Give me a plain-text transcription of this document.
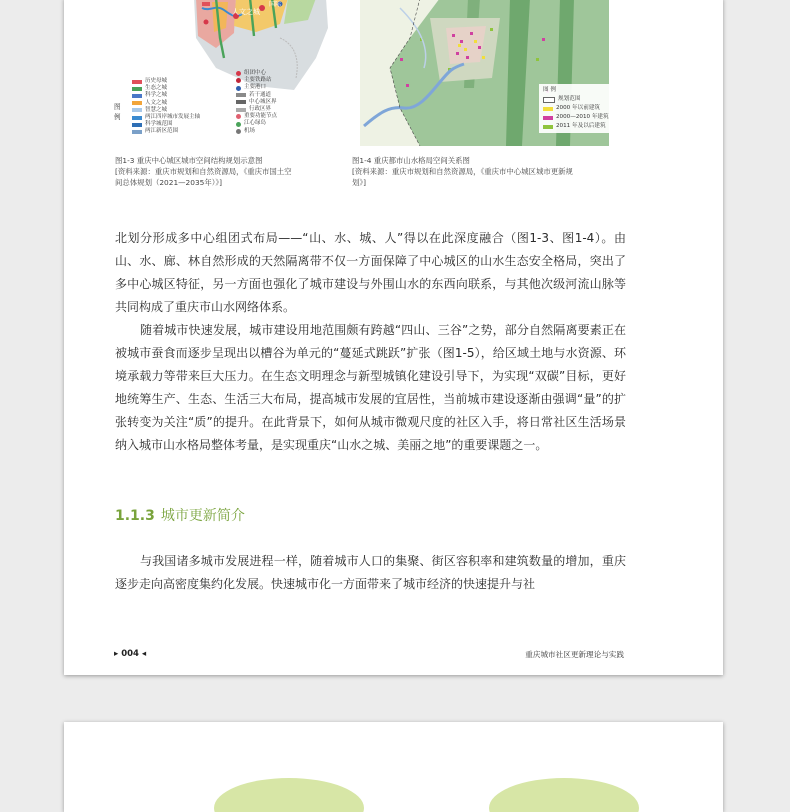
人文之城
国际
图例
历史母城
生态之城
科学之城
人文之城
智慧之城
两江四岸城市发展主轴
科学城范围
两江新区范围
组团中心
主要铁路站
主要港口
若干通道
中心城区界
行政区界
重要功能节点
江心绿岛
机场
图1-3 重庆中心城区城市空间结构规划示意图
[资料来源：重庆市规划和自然资源局，《重庆市国土空
间总体规划（2021—2035年）》]
图 例
规划范围
2000 年以前建筑
2000—2010 年建筑
2011 年及以后建筑
图1-4 重庆都市山水格局空间关系图
[资料来源：重庆市规划和自然资源局，《重庆市中心城区城市更新规
划》]

北划分形成多中心组团式布局——“山、水、城、人”得以在此深度融合（图1-3、图1-4）。由山、水、廊、林自然形成的天然隔离带不仅一方面保障了中心城区的山水生态安全格局，突出了多中心城区特征，另一方面也强化了城市建设与外围山水的东西向联系，与其他次级河流山脉等共同构成了重庆市山水网络体系。

随着城市快速发展，城市建设用地范围颇有跨越“四山、三谷”之势，部分自然隔离要素正在被城市蚕食而逐步呈现出以槽谷为单元的“蔓延式跳跃”扩张（图1-5），给区域土地与水资源、环境承载力等带来巨大压力。在生态文明理念与新型城镇化建设引导下，为实现“双碳”目标，更好地统筹生产、生态、生活三大布局，提高城市发展的宜居性，当前城市建设逐渐由强调“量”的扩张转变为关注“质”的提升。在此背景下，如何从城市微观尺度的社区入手，将日常社区生活场景纳入城市山水格局整体考量，是实现重庆“山水之城、美丽之地”的重要课题之一。

1.1.3 城市更新简介

与我国诸多城市发展进程一样，随着城市人口的集聚、街区容积率和建筑数量的增加，重庆逐步走向高密度集约化发展。快速城市化一方面带来了城市经济的快速提升与社

▸ 004 ◂	重庆城市社区更新理论与实践
